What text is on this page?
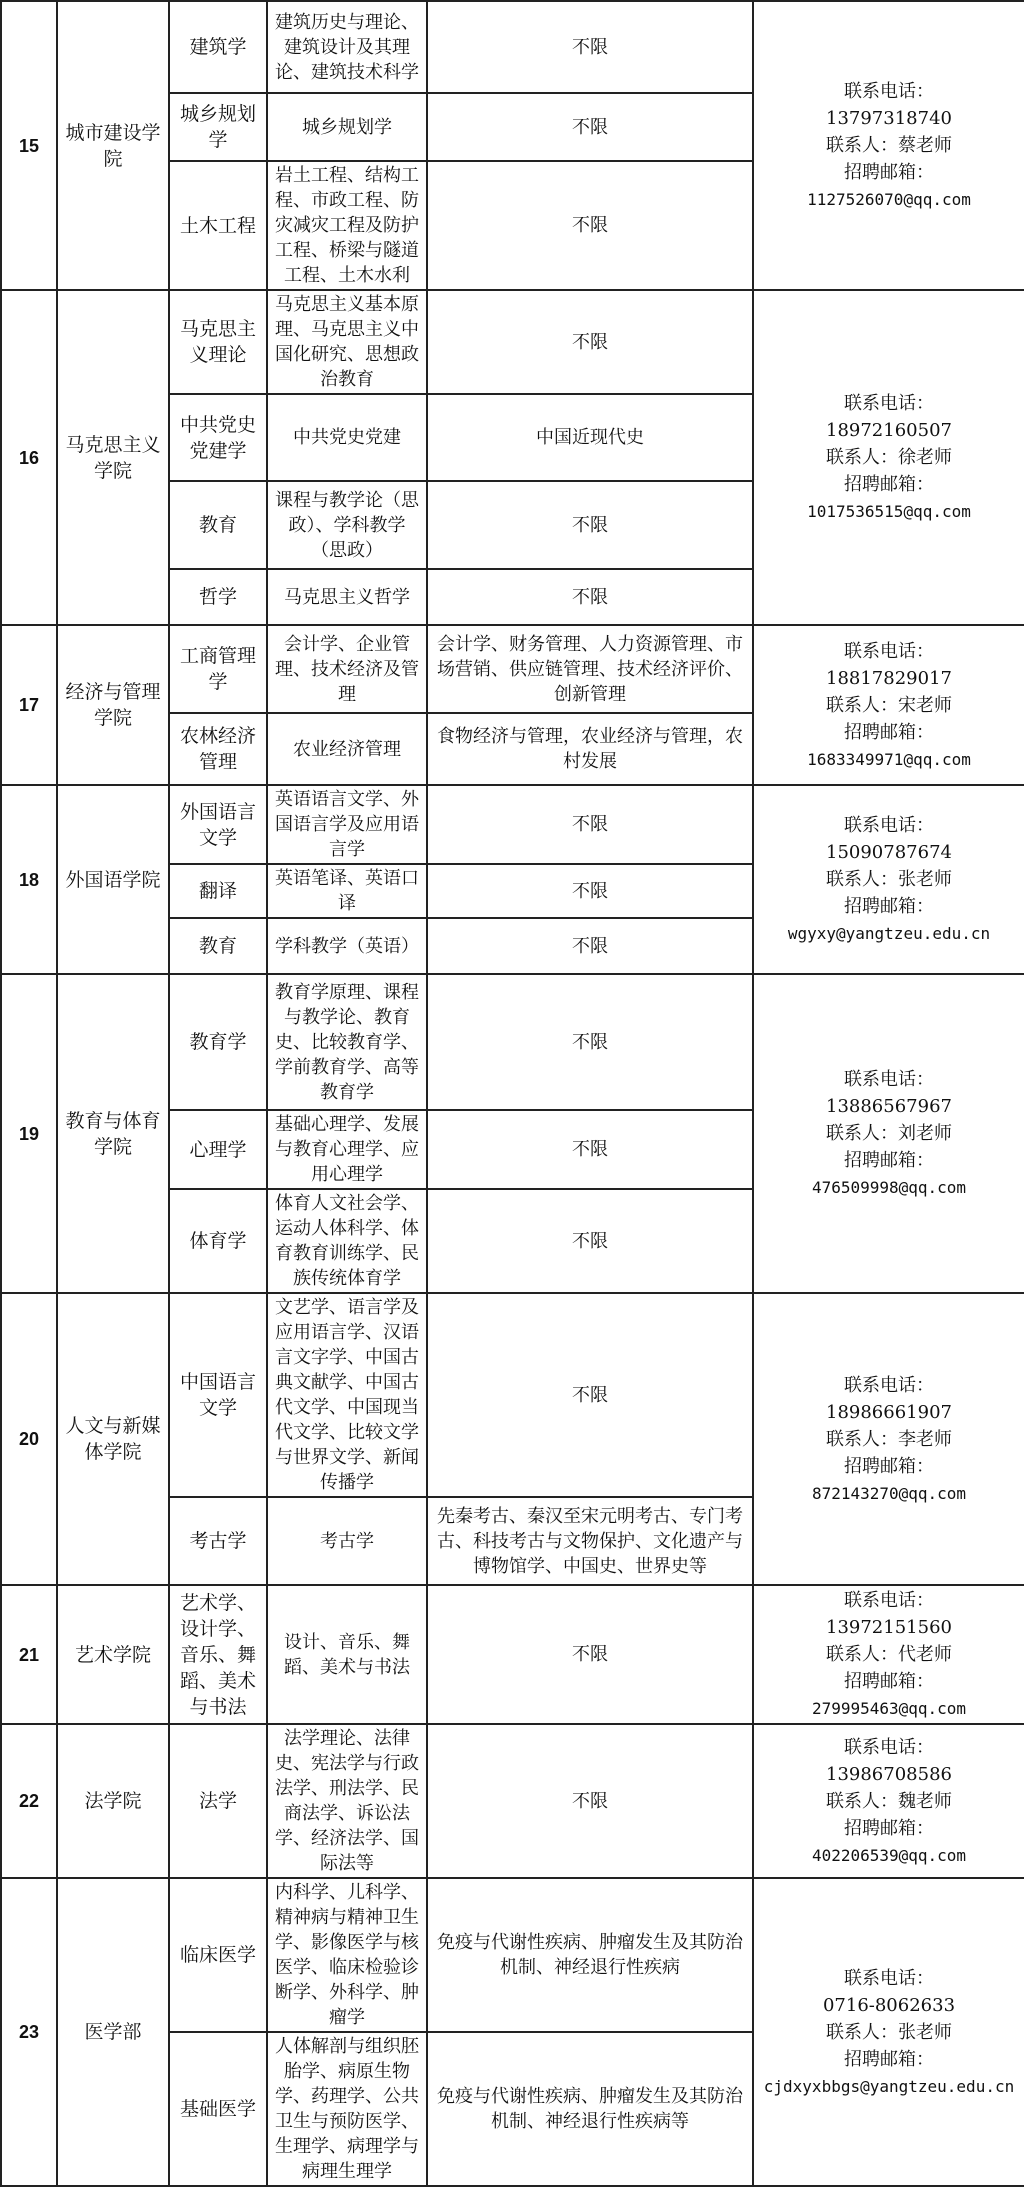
15	城市建设学院	建筑学	建筑历史与理论、建筑设计及其理论、建筑技术科学	不限	联系电话：
13797318740
联系人：蔡老师
招聘邮箱：
1127526070@qq.com

		城乡规划学	城乡规划学	不限	
		土木工程	岩土工程、结构工程、市政工程、防灾减灾工程及防护工程、桥梁与隧道工程、土木水利	不限	
16	马克思主义学院	马克思主义理论	马克思主义基本原理、马克思主义中国化研究、思想政治教育	不限	联系电话：
18972160507
联系人：徐老师
招聘邮箱：
1017536515@qq.com

		中共党史党建学	中共党史党建	中国近现代史	
		教育	课程与教学论（思政）、学科教学（思政）	不限	
		哲学	马克思主义哲学	不限	
17	经济与管理学院	工商管理学	会计学、企业管理、技术经济及管理	会计学、财务管理、人力资源管理、市场营销、供应链管理、技术经济评价、创新管理	联系电话：
18817829017
联系人：宋老师
招聘邮箱：
1683349971@qq.com

		农林经济管理	农业经济管理	食物经济与管理，农业经济与管理，农村发展	
18	外国语学院	外国语言文学	英语语言文学、外国语言学及应用语言学	不限	联系电话：
15090787674
联系人：张老师
招聘邮箱：
wgyxy@yangtzeu.edu.cn

		翻译	英语笔译、英语口译	不限	
		教育	学科教学（英语）	不限	
19	教育与体育学院	教育学	教育学原理、课程与教学论、教育史、比较教育学、学前教育学、高等教育学	不限	联系电话：
13886567967
联系人：刘老师
招聘邮箱：
476509998@qq.com

		心理学	基础心理学、发展与教育心理学、应用心理学	不限	
		体育学	体育人文社会学、运动人体科学、体育教育训练学、民族传统体育学	不限	
20	人文与新媒体学院	中国语言文学	文艺学、语言学及应用语言学、汉语言文字学、中国古典文献学、中国古代文学、中国现当代文学、比较文学与世界文学、新闻传播学	不限	联系电话：
18986661907
联系人：李老师
招聘邮箱：
872143270@qq.com

		考古学	考古学	先秦考古、秦汉至宋元明考古、专门考古、科技考古与文物保护、文化遗产与博物馆学、中国史、世界史等	
21	艺术学院	艺术学、设计学、音乐、舞蹈、美术与书法	设计、音乐、舞蹈、美术与书法	不限	联系电话：
13972151560
联系人：代老师
招聘邮箱：
279995463@qq.com

22	法学院	法学	法学理论、法律史、宪法学与行政法学、刑法学、民商法学、诉讼法学、经济法学、国际法等	不限	联系电话：
13986708586
联系人：魏老师
招聘邮箱：
402206539@qq.com

23	医学部	临床医学	内科学、儿科学、精神病与精神卫生学、影像医学与核医学、临床检验诊断学、外科学、肿瘤学	免疫与代谢性疾病、肿瘤发生及其防治机制、神经退行性疾病	联系电话：
0716-8062633
联系人：张老师
招聘邮箱：
cjdxyxbbgs@yangtzeu.edu.cn

		基础医学	人体解剖与组织胚胎学、病原生物学、药理学、公共卫生与预防医学、生理学、病理学与病理生理学	免疫与代谢性疾病、肿瘤发生及其防治机制、神经退行性疾病等	
